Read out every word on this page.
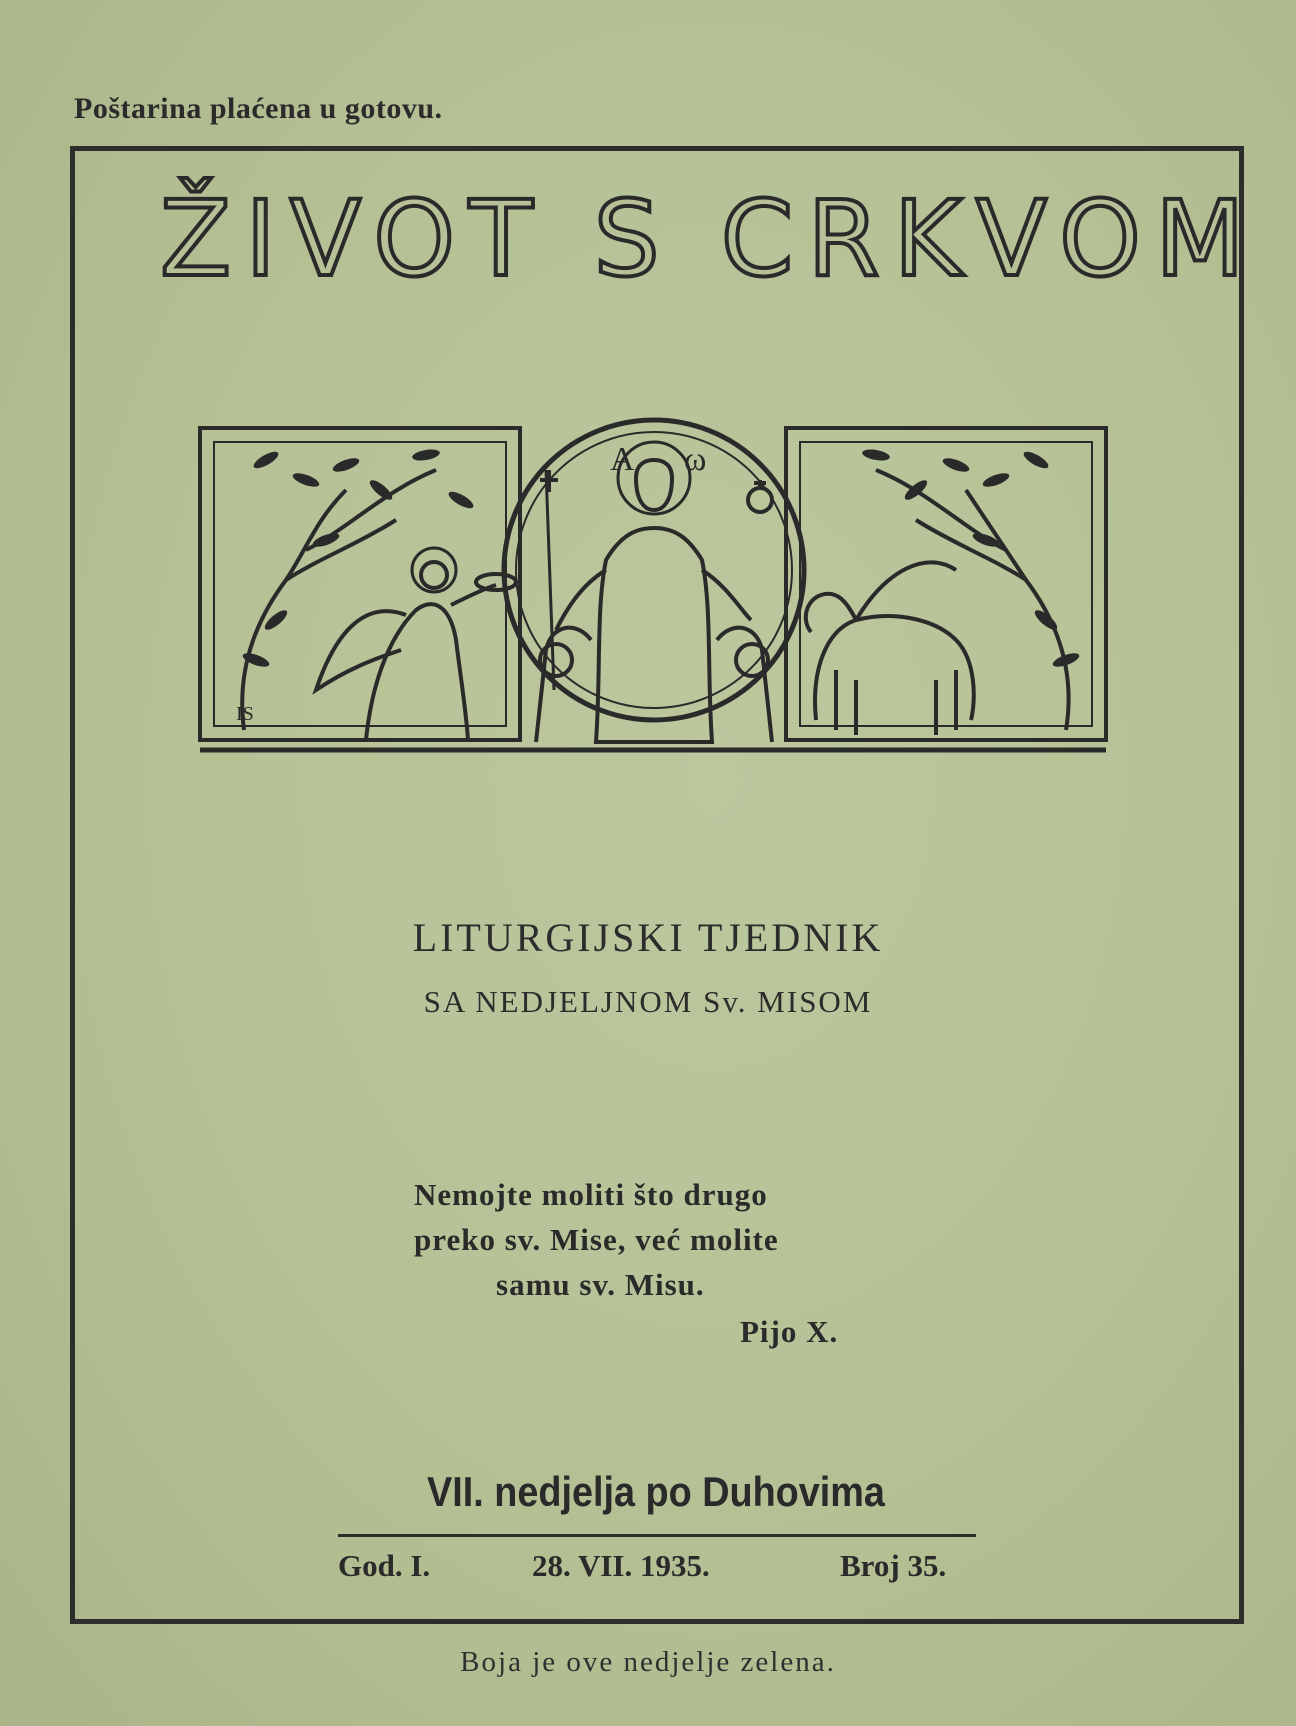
Poštarina plaćena u gotovu.
ŽIVOT S CRKVOM
A ω
IS
LITURGIJSKI TJEDNIK
SA NEDJELJNOM Sv. MISOM
Nemojte moliti što drugo
preko sv. Mise, već molite
samu sv. Misu.
Pijo X.
VII. nedjelja po Duhovima
God. I.	28. VII. 1935.	Broj 35.
Boja je ove nedjelje zelena.
